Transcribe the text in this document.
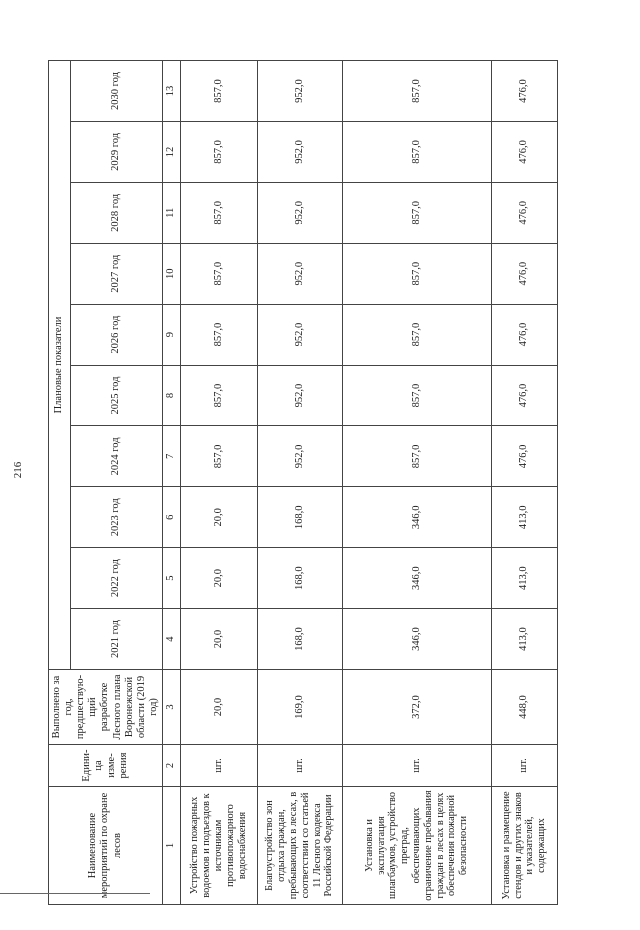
216
Наименование мероприятий по охране лесов	Едини-ца изме-рения	Выполнено за год, предшествую-щий разработке Лесного плана Воронежской области (2019 год)	Плановые показатели									
			2021 год	2022 год	2023 год	2024 год	2025 год	2026 год	2027 год	2028 год	2029 год	2030 год
1	2	3	4	5	6	7	8	9	10	11	12	13
Устройство пожарных водоемов и подъездов к источникам противопожарного водоснабжения	шт.	20,0	20,0	20,0	20,0	857,0	857,0	857,0	857,0	857,0	857,0	857,0
Благоустройство зон отдыха граждан, пребывающих в лесах, в соответствии со статьей 11 Лесного кодекса Российской Федерации	шт.	169,0	168,0	168,0	168,0	952,0	952,0	952,0	952,0	952,0	952,0	952,0
Установка и эксплуатация шлагбаумов, устройство преград, обеспечивающих ограничение пребывания граждан в лесах в целях обеспечения пожарной безопасности	шт.	372,0	346,0	346,0	346,0	857,0	857,0	857,0	857,0	857,0	857,0	857,0
Установка и размещение стендов и других знаков и указателей, содержащих	шт.	448,0	413,0	413,0	413,0	476,0	476,0	476,0	476,0	476,0	476,0	476,0
